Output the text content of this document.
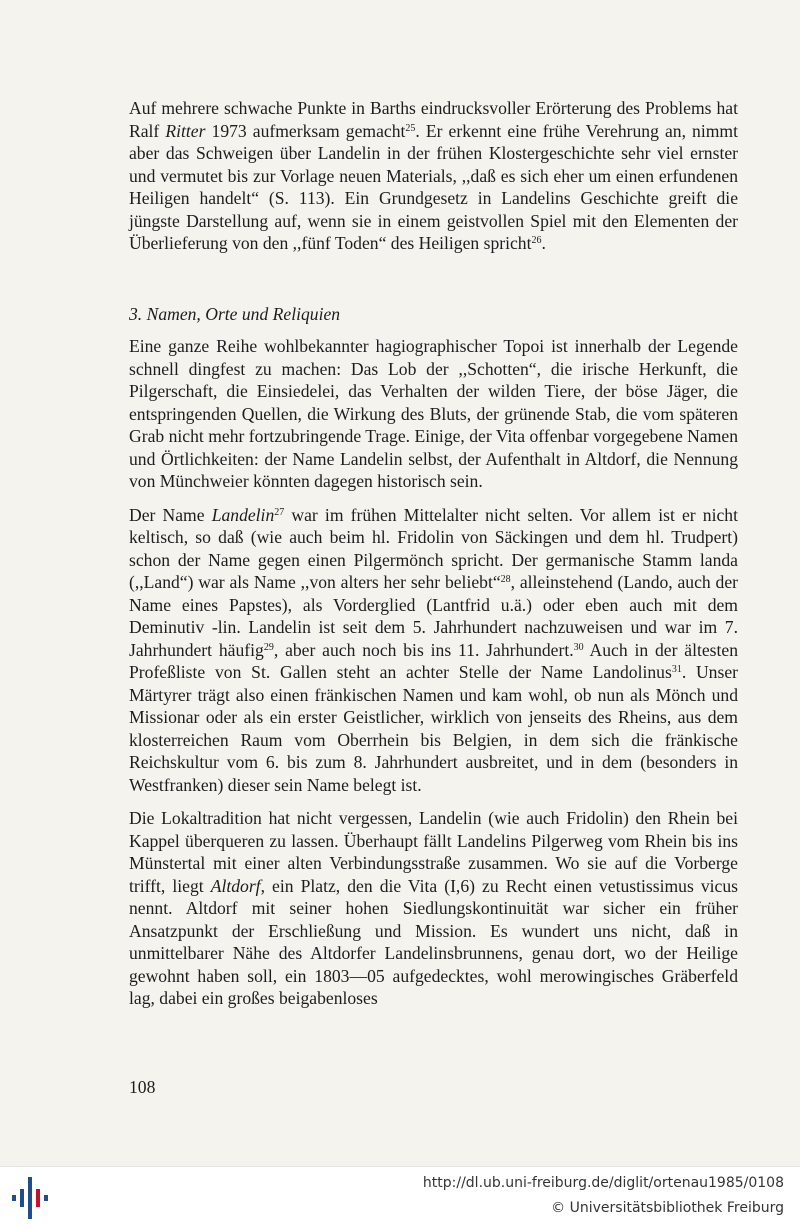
Auf mehrere schwache Punkte in Barths eindrucksvoller Erörterung des Problems hat Ralf Ritter 1973 aufmerksam gemacht$^{25}$. Er erkennt eine frühe Verehrung an, nimmt aber das Schweigen über Landelin in der frühen Klostergeschichte sehr viel ernster und vermutet bis zur Vorlage neuen Materials, ,,daß es sich eher um einen erfundenen Heiligen handelt“ (S. 113). Ein Grundgesetz in Landelins Geschichte greift die jüngste Darstellung auf, wenn sie in einem geistvollen Spiel mit den Elementen der Überlieferung von den ,,fünf Toden“ des Heiligen spricht$^{26}$.

3. Namen, Orte und Reliquien

Eine ganze Reihe wohlbekannter hagiographischer Topoi ist innerhalb der Legende schnell dingfest zu machen: Das Lob der ,,Schotten“, die irische Herkunft, die Pilgerschaft, die Einsiedelei, das Verhalten der wilden Tiere, der böse Jäger, die entspringenden Quellen, die Wirkung des Bluts, der grünende Stab, die vom späteren Grab nicht mehr fortzubringende Trage. Einige, der Vita offenbar vorgegebene Namen und Örtlichkeiten: der Name Landelin selbst, der Aufenthalt in Altdorf, die Nennung von Münchweier könnten dagegen historisch sein.

Der Name Landelin$^{27}$ war im frühen Mittelalter nicht selten. Vor allem ist er nicht keltisch, so daß (wie auch beim hl. Fridolin von Säckingen und dem hl. Trudpert) schon der Name gegen einen Pilgermönch spricht. Der germanische Stamm landa (,,Land“) war als Name ,,von alters her sehr beliebt“$^{28}$, alleinstehend (Lando, auch der Name eines Papstes), als Vorderglied (Lantfrid u.ä.) oder eben auch mit dem Deminutiv -lin. Landelin ist seit dem 5. Jahrhundert nachzuweisen und war im 7. Jahrhundert häufig$^{29}$, aber auch noch bis ins 11. Jahrhundert.$^{30}$ Auch in der ältesten Profeßliste von St. Gallen steht an achter Stelle der Name Landolinus$^{31}$. Unser Märtyrer trägt also einen fränkischen Namen und kam wohl, ob nun als Mönch und Missionar oder als ein erster Geistlicher, wirklich von jenseits des Rheins, aus dem klosterreichen Raum vom Oberrhein bis Belgien, in dem sich die fränkische Reichskultur vom 6. bis zum 8. Jahrhundert ausbreitet, und in dem (besonders in Westfranken) dieser sein Name belegt ist.

Die Lokaltradition hat nicht vergessen, Landelin (wie auch Fridolin) den Rhein bei Kappel überqueren zu lassen. Überhaupt fällt Landelins Pilgerweg vom Rhein bis ins Münstertal mit einer alten Verbindungsstraße zusammen. Wo sie auf die Vorberge trifft, liegt Altdorf, ein Platz, den die Vita (I,6) zu Recht einen vetustissimus vicus nennt. Altdorf mit seiner hohen Siedlungskontinuität war sicher ein früher Ansatzpunkt der Erschließung und Mission. Es wundert uns nicht, daß in unmittelbarer Nähe des Altdorfer Landelinsbrunnens, genau dort, wo der Heilige gewohnt haben soll, ein 1803—05 aufgedecktes, wohl merowingisches Gräberfeld lag, dabei ein großes beigabenloses

108
http://dl.ub.uni-freiburg.de/diglit/ortenau1985/0108
© Universitätsbibliothek Freiburg
